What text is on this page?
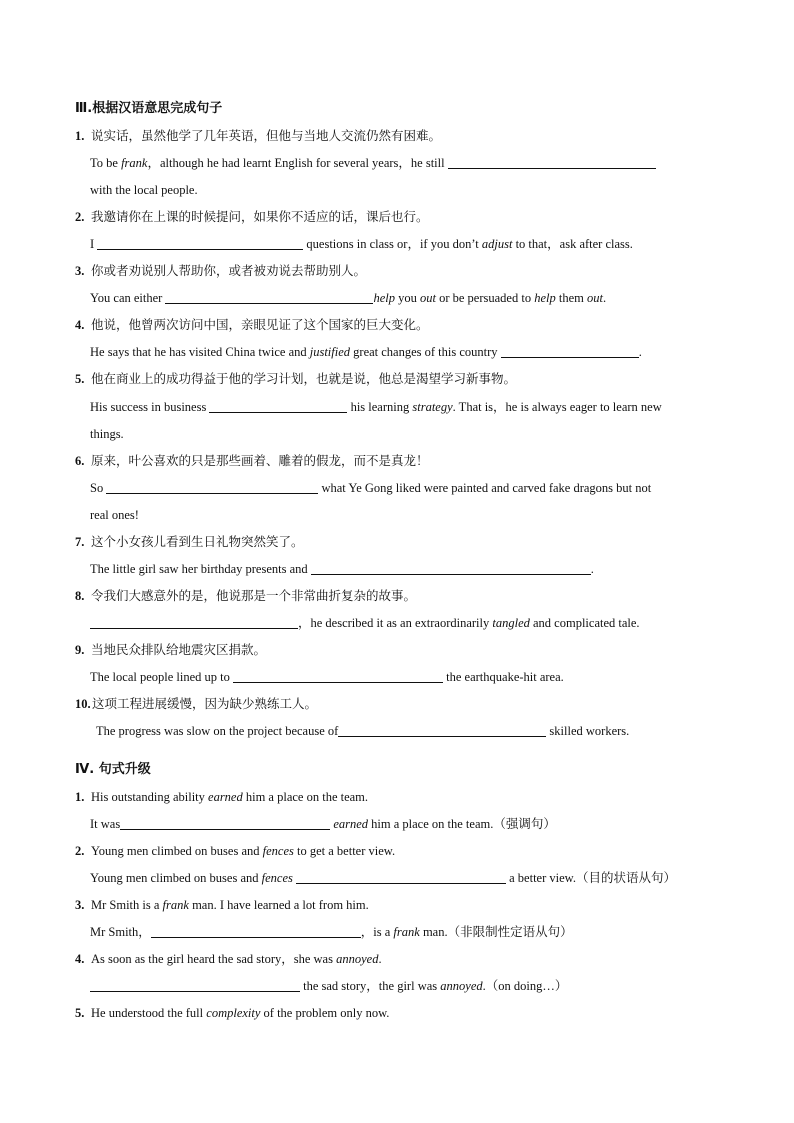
Ⅲ.根据汉语意思完成句子
1. 说实话，虽然他学了几年英语，但他与当地人交流仍然有困难。
To be frank，although he had learnt English for several years，he still
with the local people.
2. 我邀请你在上课的时候提问，如果你不适应的话，课后也行。
I	questions in class or，if you don’t adjust to that，ask after class.
3. 你或者劝说别人帮助你，或者被劝说去帮助别人。
You can either	help you out or be persuaded to help them out.
4. 他说，他曾两次访问中国，亲眼见证了这个国家的巨大变化。
He says that he has visited China twice and justified great changes of this country	.
5. 他在商业上的成功得益于他的学习计划，也就是说，他总是渴望学习新事物。
His success in business	his learning strategy. That is，he is always eager to learn new
things.
6. 原来，叶公喜欢的只是那些画着、雕着的假龙，而不是真龙！
So	what Ye Gong liked were painted and carved fake dragons but not
real ones!
7. 这个小女孩儿看到生日礼物突然笑了。
The little girl saw her birthday presents and	.
8. 令我们大感意外的是，他说那是一个非常曲折复杂的故事。
，he described it as an extraordinarily tangled and complicated tale.
9. 当地民众排队给地震灾区捐款。
The local people lined up to	the earthquake-hit area.
10.这项工程进展缓慢，因为缺少熟练工人。
The progress was slow on the project because of	skilled workers.
Ⅳ. 句式升级
1. His outstanding ability earned him a place on the team.
It was	earned him a place on the team.（强调句）
2. Young men climbed on buses and fences to get a better view.
Young men climbed on buses and fences	a better view.（目的状语从句）
3. Mr Smith is a frank man. I have learned a lot from him.
Mr Smith，	，is a frank man.（非限制性定语从句）
4. As soon as the girl heard the sad story，she was annoyed.
the sad story，the girl was annoyed.（on doing…）
5. He understood the full complexity of the problem only now.
